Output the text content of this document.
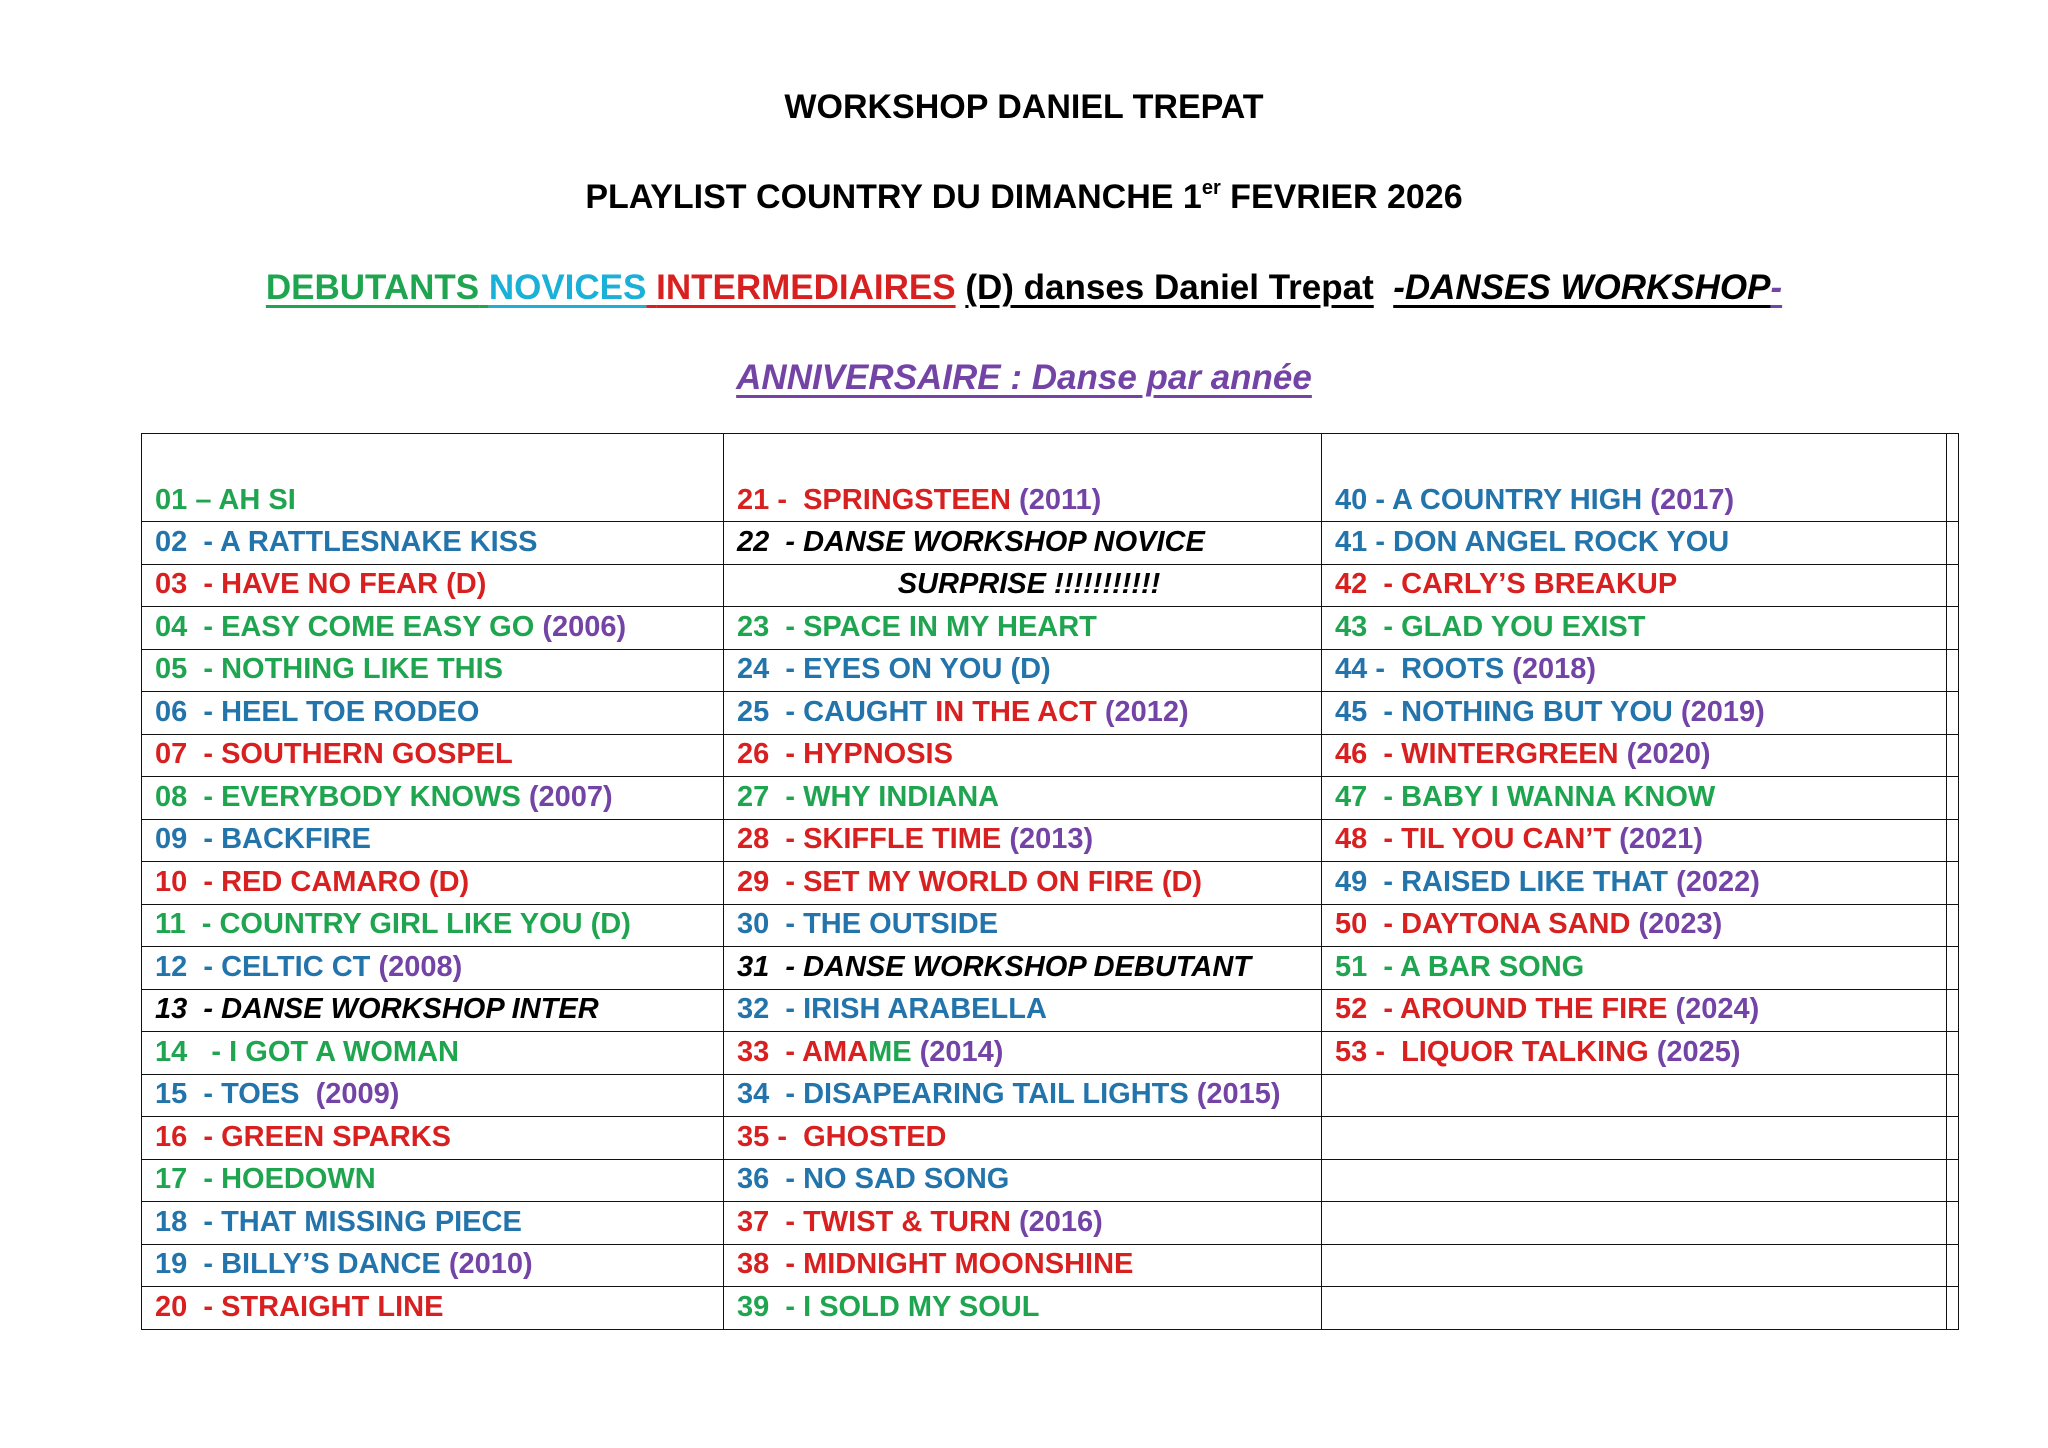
WORKSHOP DANIEL TREPAT
PLAYLIST COUNTRY DU DIMANCHE 1er FEVRIER 2026
DEBUTANTS NOVICES INTERMEDIAIRES (D) danses Daniel Trepat -DANSES WORKSHOP-
ANNIVERSAIRE : Danse par année
01 – AH SI	21 -  SPRINGSTEEN (2011)	40 - A COUNTRY HIGH (2017)	
02  - A RATTLESNAKE KISS	22  - DANSE WORKSHOP NOVICE	41 - DON ANGEL ROCK YOU	
03  - HAVE NO FEAR (D)	SURPRISE !!!!!!!!!!!	42  - CARLY’S BREAKUP	
04  - EASY COME EASY GO (2006)	23  - SPACE IN MY HEART	43  - GLAD YOU EXIST	
05  - NOTHING LIKE THIS	24  - EYES ON YOU (D)	44 -  ROOTS (2018)	
06  - HEEL TOE RODEO	25  - CAUGHT IN THE ACT (2012)	45  - NOTHING BUT YOU (2019)	
07  - SOUTHERN GOSPEL	26  - HYPNOSIS	46  - WINTERGREEN (2020)	
08  - EVERYBODY KNOWS (2007)	27  - WHY INDIANA	47  - BABY I WANNA KNOW	
09  - BACKFIRE	28  - SKIFFLE TIME (2013)	48  - TIL YOU CAN’T (2021)	
10  - RED CAMARO (D)	29  - SET MY WORLD ON FIRE (D)	49  - RAISED LIKE THAT (2022)	
11  - COUNTRY GIRL LIKE YOU (D)	30  - THE OUTSIDE	50  - DAYTONA SAND (2023)	
12  - CELTIC CT (2008)	31  - DANSE WORKSHOP DEBUTANT	51  - A BAR SONG	
13  - DANSE WORKSHOP INTER	32  - IRISH ARABELLA	52  - AROUND THE FIRE (2024)	
14   - I GOT A WOMAN	33  - AMAME (2014)	53 -  LIQUOR TALKING (2025)	
15  - TOES  (2009)	34  - DISAPEARING TAIL LIGHTS (2015)		
16  - GREEN SPARKS	35 -  GHOSTED		
17  - HOEDOWN	36  - NO SAD SONG		
18  - THAT MISSING PIECE	37  - TWIST & TURN (2016)		
19  - BILLY’S DANCE (2010)	38  - MIDNIGHT MOONSHINE		
20  - STRAIGHT LINE	39  - I SOLD MY SOUL		
